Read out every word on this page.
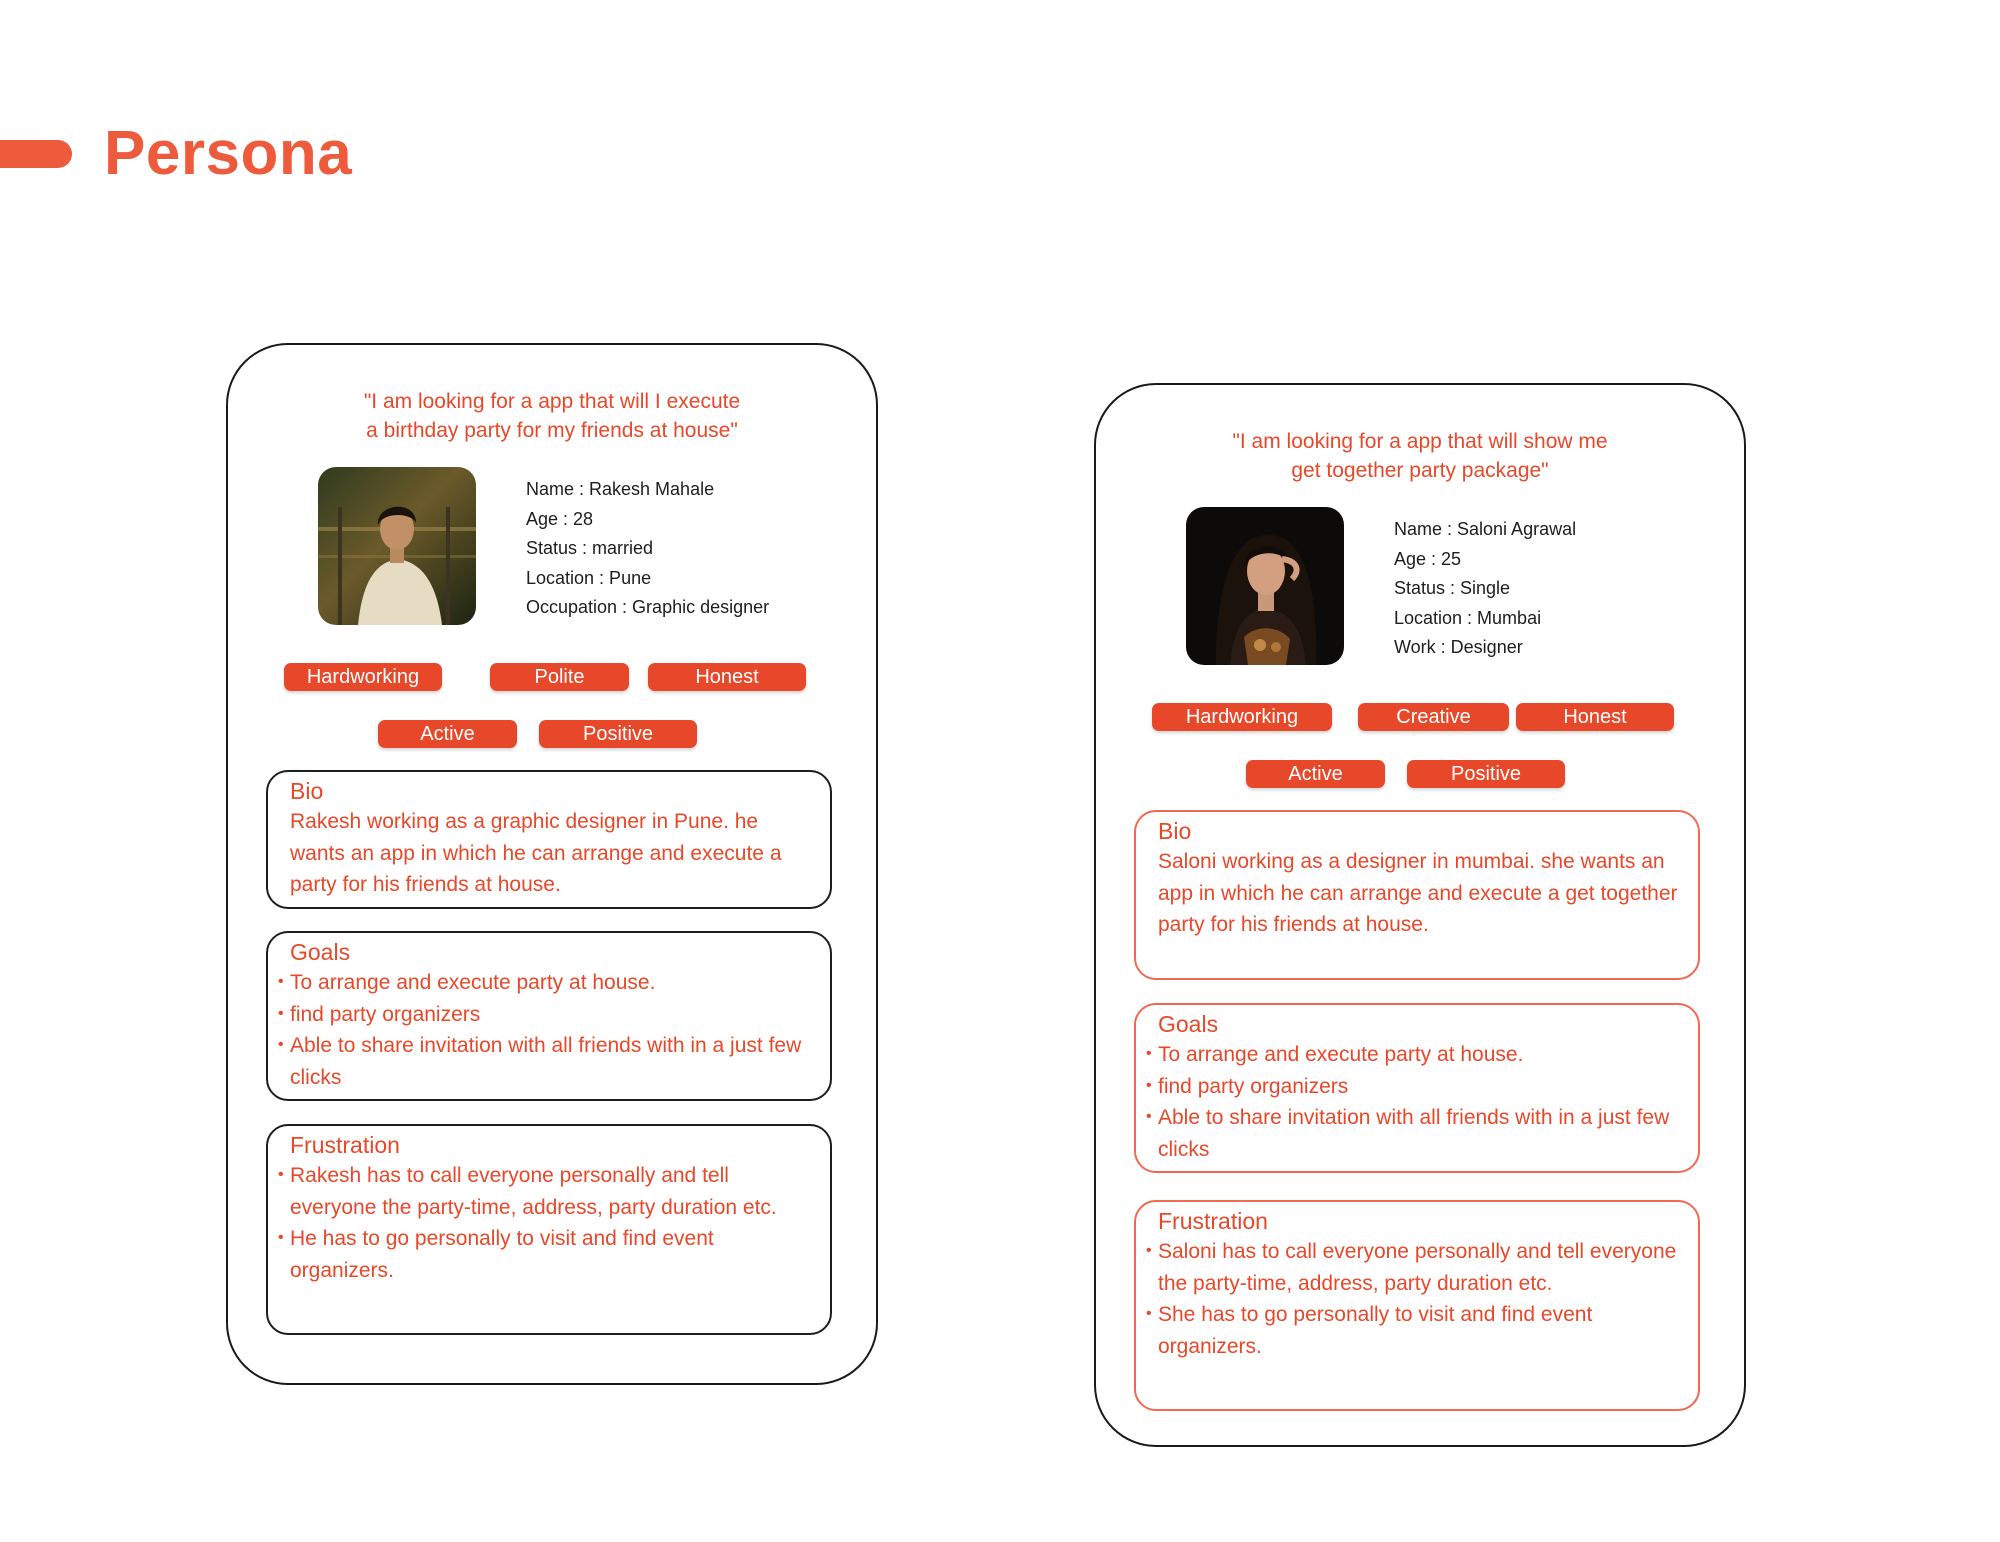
Persona
"I am looking for a app that will I execute
a birthday party for my friends at house"
Name : Rakesh Mahale
Age : 28
Status : married
Location : Pune
Occupation : Graphic designer
Hardworking	Polite	Honest
Active	Positive
Bio
Rakesh working as a graphic designer in Pune. he wants an app in which he can arrange and execute a party for his friends at house.
Goals
• To arrange and execute party at house.
• find party organizers
• Able to share invitation with all friends with in a just few clicks
Frustration
• Rakesh has to call everyone personally and tell everyone the party-time, address, party duration etc.
• He has to go personally to visit and find event organizers.
"I am looking for a app that will show me
get together party package"
Name : Saloni Agrawal
Age : 25
Status : Single
Location : Mumbai
Work : Designer
Hardworking	Creative	Honest
Active	Positive
Bio
Saloni working as a designer in mumbai. she wants an app in which he can arrange and execute a get together party for his friends at house.
Goals
• To arrange and execute party at house.
• find party organizers
• Able to share invitation with all friends with in a just few clicks
Frustration
• Saloni has to call everyone personally and tell everyone the party-time, address, party duration etc.
• She has to go personally to visit and find event organizers.
